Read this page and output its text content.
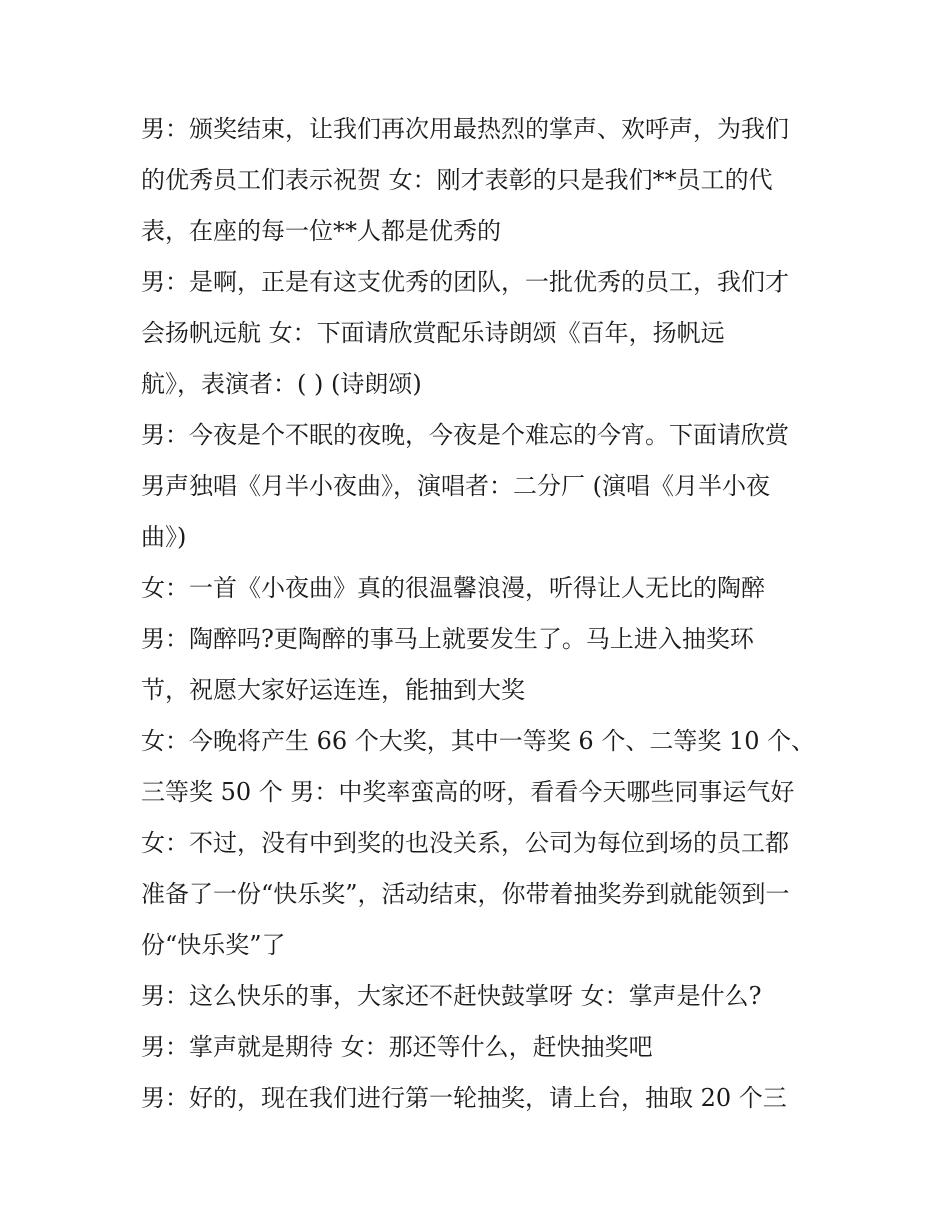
男：颁奖结束，让我们再次用最热烈的掌声、欢呼声，为我们
的优秀员工们表示祝贺 女：刚才表彰的只是我们**员工的代
表，在座的每一位**人都是优秀的
男：是啊，正是有这支优秀的团队，一批优秀的员工，我们才
会扬帆远航 女：下面请欣赏配乐诗朗颂《百年，扬帆远
航》，表演者：( ) (诗朗颂)
男：今夜是个不眠的夜晚，今夜是个难忘的今宵。下面请欣赏
男声独唱《月半小夜曲》，演唱者：二分厂 (演唱《月半小夜
曲》)
女：一首《小夜曲》真的很温馨浪漫，听得让人无比的陶醉
男：陶醉吗?更陶醉的事马上就要发生了。马上进入抽奖环
节，祝愿大家好运连连，能抽到大奖
女：今晚将产生 66 个大奖，其中一等奖 6 个、二等奖 10 个、
三等奖 50 个 男：中奖率蛮高的呀，看看今天哪些同事运气好
女：不过，没有中到奖的也没关系，公司为每位到场的员工都
准备了一份“快乐奖”，活动结束，你带着抽奖券到就能领到一
份“快乐奖”了
男：这么快乐的事，大家还不赶快鼓掌呀 女：掌声是什么?
男：掌声就是期待 女：那还等什么，赶快抽奖吧
男：好的，现在我们进行第一轮抽奖，请上台，抽取 20 个三
